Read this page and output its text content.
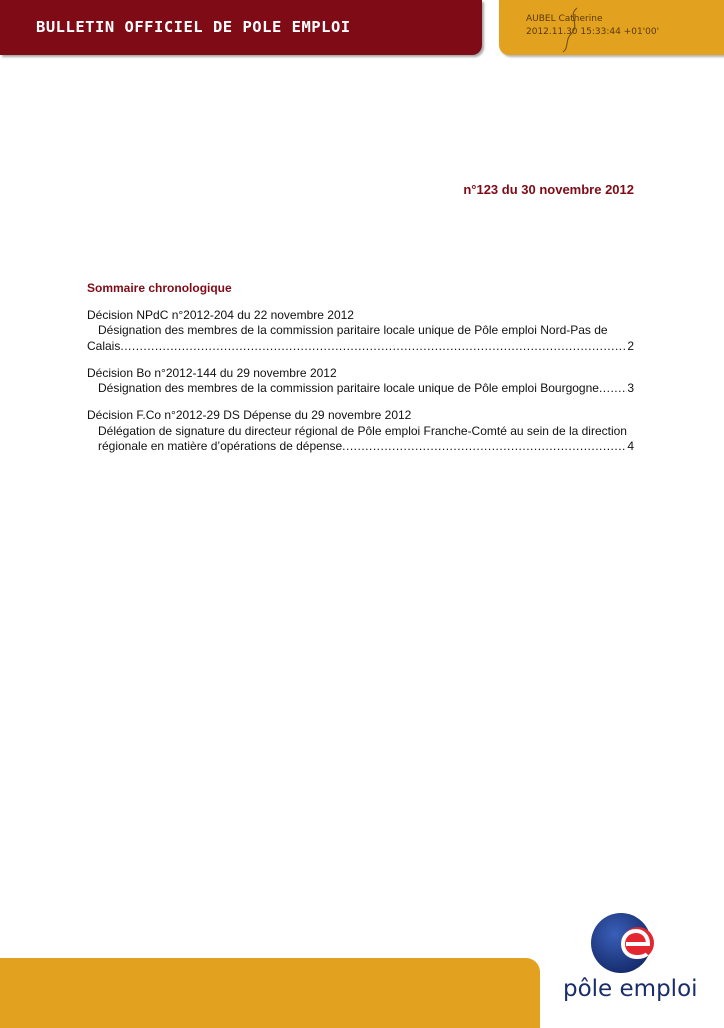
BULLETIN OFFICIEL DE POLE EMPLOI	AUBEL Catherine
2012.11.30 15:33:44 +01'00'
n°123 du 30 novembre 2012
Sommaire chronologique
Décision NPdC n°2012-204 du 22 novembre 2012
Désignation des membres de la commission paritaire locale unique de Pôle emploi Nord-Pas de
Calais .....	2
Décision Bo n°2012-144 du 29 novembre 2012
Désignation des membres de la commission paritaire locale unique de Pôle emploi Bourgogne ..... 3
Décision F.Co n°2012-29 DS Dépense du 29 novembre 2012
Délégation de signature du directeur régional de Pôle emploi Franche-Comté au sein de la direction
régionale en matière d’opérations de dépense .....	4
pôle emploi
